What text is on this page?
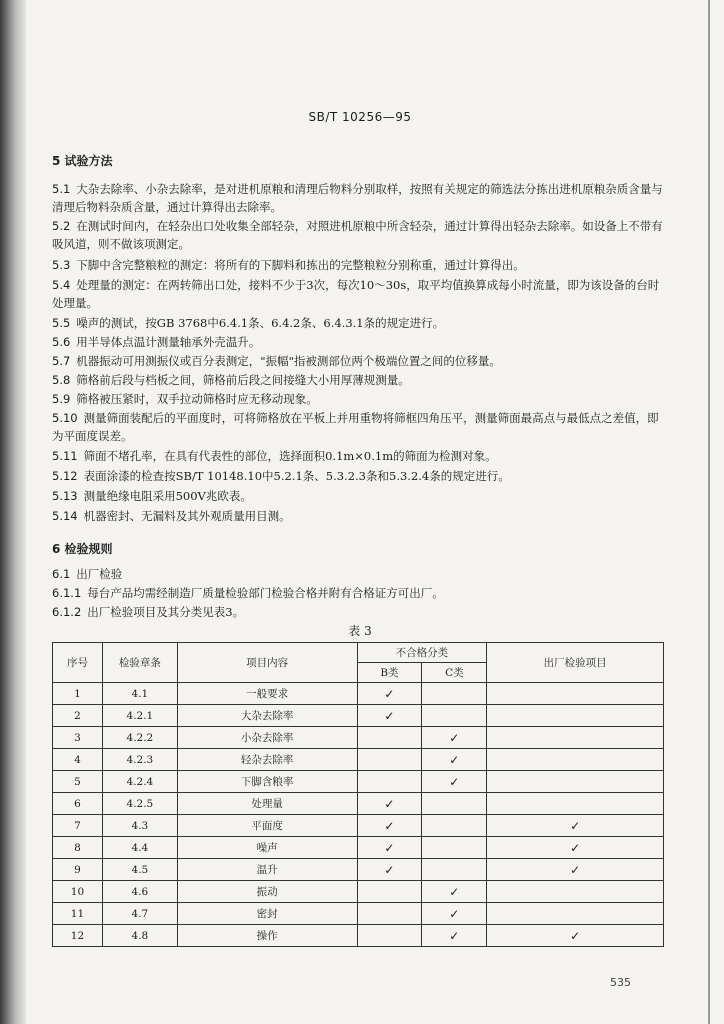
SB/T 10256—95
5 试验方法
5.1 大杂去除率、小杂去除率，是对进机原粮和清理后物料分别取样，按照有关规定的筛选法分拣出进机原粮杂质含量与清理后物料杂质含量，通过计算得出去除率。
5.2 在测试时间内，在轻杂出口处收集全部轻杂，对照进机原粮中所含轻杂，通过计算得出轻杂去除率。如设备上不带有吸风道，则不做该项测定。
5.3 下脚中含完整粮粒的测定：将所有的下脚料和拣出的完整粮粒分别称重，通过计算得出。
5.4 处理量的测定：在两转筛出口处，接料不少于3次，每次10～30s，取平均值换算成每小时流量，即为该设备的台时处理量。
5.5 噪声的测试，按GB 3768中6.4.1条、6.4.2条、6.4.3.1条的规定进行。
5.6 用半导体点温计测量轴承外壳温升。
5.7 机器振动可用测振仪或百分表测定，"振幅"指被测部位两个极端位置之间的位移量。
5.8 筛格前后段与档板之间，筛格前后段之间接缝大小用厚薄规测量。
5.9 筛格被压紧时，双手拉动筛格时应无移动现象。
5.10 测量筛面装配后的平面度时，可将筛格放在平板上并用重物将筛框四角压平，测量筛面最高点与最低点之差值，即为平面度误差。
5.11 筛面不堵孔率，在具有代表性的部位，选择面积0.1m×0.1m的筛面为检测对象。
5.12 表面涂漆的检查按SB/T 10148.10中5.2.1条、5.3.2.3条和5.3.2.4条的规定进行。
5.13 测量绝缘电阻采用500V兆欧表。
5.14 机器密封、无漏料及其外观质量用目测。
6 检验规则
6.1 出厂检验
6.1.1 每台产品均需经制造厂质量检验部门检验合格并附有合格证方可出厂。
6.1.2 出厂检验项目及其分类见表3。
表 3
序号	检验章条	项目内容	不合格分类		出厂检验项目
			B类	C类	
1	4.1	一般要求	✓		
2	4.2.1	大杂去除率	✓		
3	4.2.2	小杂去除率		✓	
4	4.2.3	轻杂去除率		✓	
5	4.2.4	下脚含粮率		✓	
6	4.2.5	处理量	✓		
7	4.3	平面度	✓		✓
8	4.4	噪声	✓		✓
9	4.5	温升	✓		✓
10	4.6	振动		✓	
11	4.7	密封		✓	
12	4.8	操作		✓	✓
535
